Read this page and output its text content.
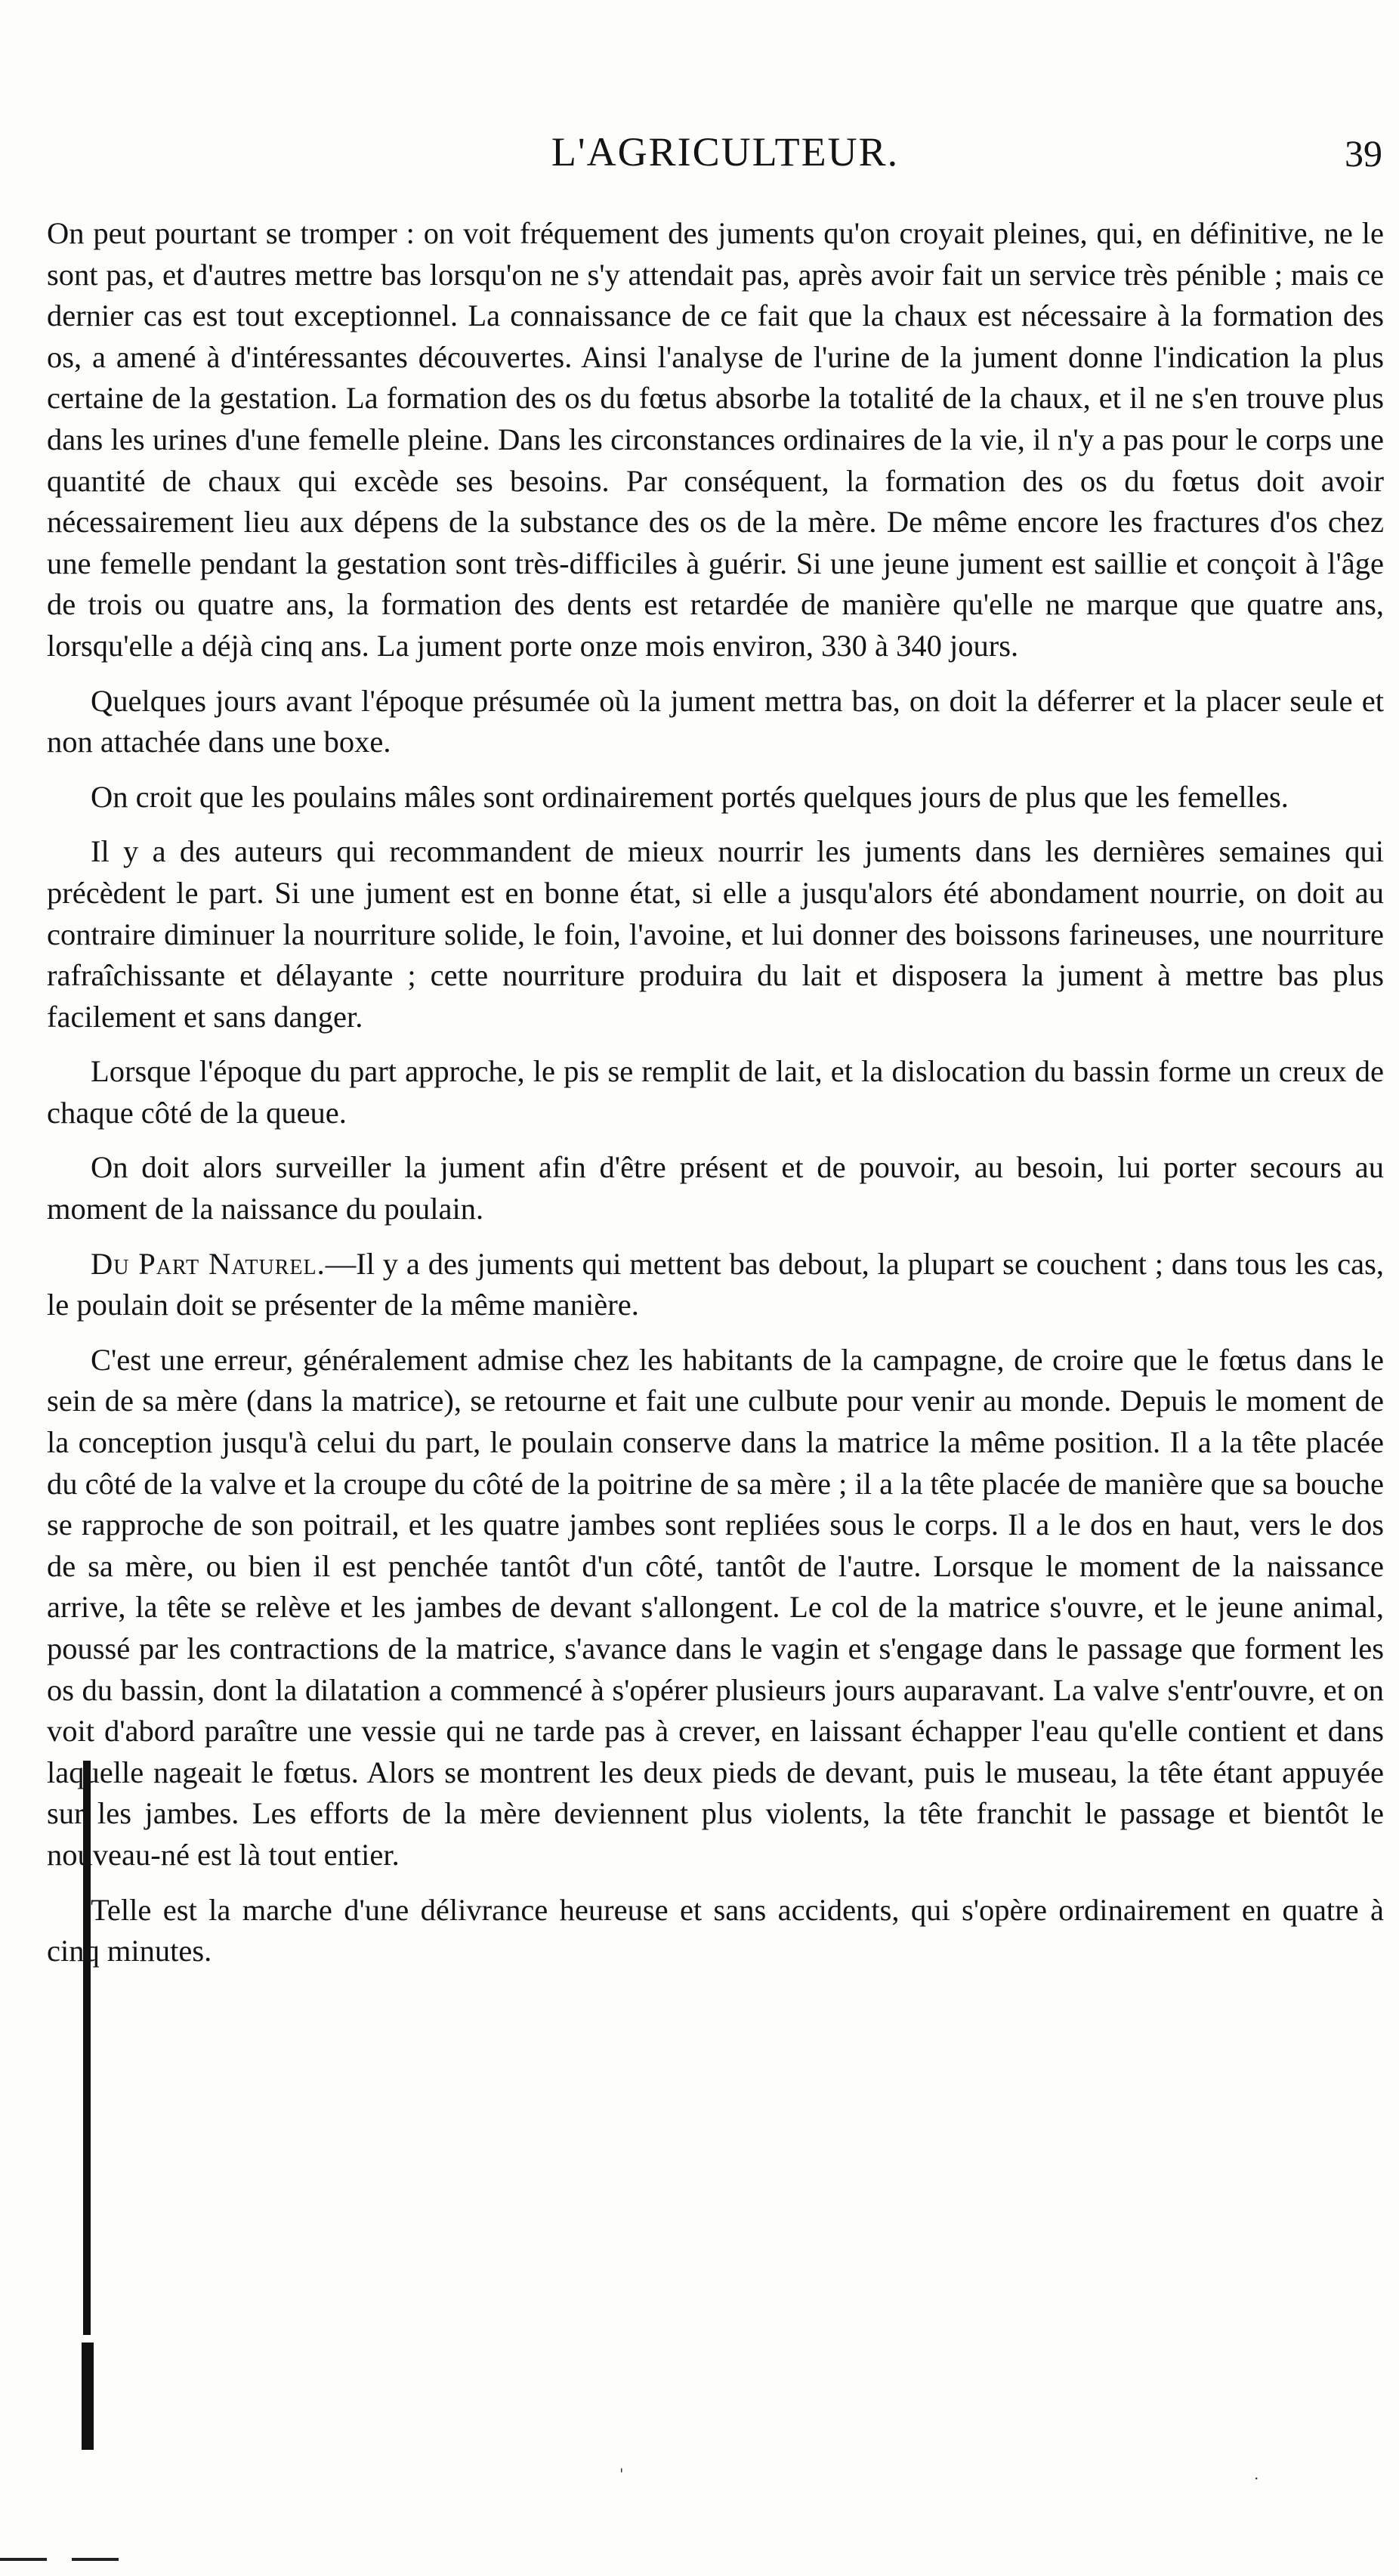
L'AGRICULTEUR.	39

On peut pourtant se tromper : on voit fréquement des juments qu'on croyait pleines, qui, en définitive, ne le sont pas, et d'autres mettre bas lorsqu'on ne s'y attendait pas, après avoir fait un service très pénible ; mais ce dernier cas est tout exceptionnel. La connaissance de ce fait que la chaux est nécessaire à la formation des os, a amené à d'intéressantes découvertes. Ainsi l'analyse de l'urine de la jument donne l'indication la plus certaine de la gestation. La formation des os du fœtus absorbe la totalité de la chaux, et il ne s'en trouve plus dans les urines d'une femelle pleine. Dans les circonstances ordinaires de la vie, il n'y a pas pour le corps une quantité de chaux qui excède ses besoins. Par conséquent, la formation des os du fœtus doit avoir nécessairement lieu aux dépens de la substance des os de la mère. De même encore les fractures d'os chez une femelle pendant la gestation sont très-difficiles à guérir. Si une jeune jument est saillie et conçoit à l'âge de trois ou quatre ans, la formation des dents est retardée de manière qu'elle ne marque que quatre ans, lorsqu'elle a déjà cinq ans. La jument porte onze mois environ, 330 à 340 jours.

Quelques jours avant l'époque présumée où la jument mettra bas, on doit la déferrer et la placer seule et non attachée dans une boxe.

On croit que les poulains mâles sont ordinairement portés quelques jours de plus que les femelles.

Il y a des auteurs qui recommandent de mieux nourrir les juments dans les dernières semaines qui précèdent le part. Si une jument est en bonne état, si elle a jusqu'alors été abondament nourrie, on doit au contraire diminuer la nourriture solide, le foin, l'avoine, et lui donner des boissons farineuses, une nourriture rafraîchissante et délayante ; cette nourriture produira du lait et disposera la jument à mettre bas plus facilement et sans danger.

Lorsque l'époque du part approche, le pis se remplit de lait, et la dislocation du bassin forme un creux de chaque côté de la queue.

On doit alors surveiller la jument afin d'être présent et de pouvoir, au besoin, lui porter secours au moment de la naissance du poulain.

Du Part Naturel.—Il y a des juments qui mettent bas debout, la plupart se couchent ; dans tous les cas, le poulain doit se présenter de la même manière.

C'est une erreur, généralement admise chez les habitants de la campagne, de croire que le fœtus dans le sein de sa mère (dans la matrice), se retourne et fait une culbute pour venir au monde. Depuis le moment de la conception jusqu'à celui du part, le poulain conserve dans la matrice la même position. Il a la tête placée du côté de la valve et la croupe du côté de la poitrine de sa mère ; il a la tête placée de manière que sa bouche se rapproche de son poitrail, et les quatre jambes sont repliées sous le corps. Il a le dos en haut, vers le dos de sa mère, ou bien il est penchée tantôt d'un côté, tantôt de l'autre. Lorsque le moment de la naissance arrive, la tête se relève et les jambes de devant s'allongent. Le col de la matrice s'ouvre, et le jeune animal, poussé par les contractions de la matrice, s'avance dans le vagin et s'engage dans le passage que forment les os du bassin, dont la dilatation a commencé à s'opérer plusieurs jours auparavant. La valve s'entr'ouvre, et on voit d'abord paraître une vessie qui ne tarde pas à crever, en laissant échapper l'eau qu'elle contient et dans laquelle nageait le fœtus. Alors se montrent les deux pieds de devant, puis le museau, la tête étant appuyée sur les jambes. Les efforts de la mère deviennent plus violents, la tête franchit le passage et bientôt le nouveau-né est là tout entier.

Telle est la marche d'une délivrance heureuse et sans accidents, qui s'opère ordinairement en quatre à cinq minutes.

'	.
